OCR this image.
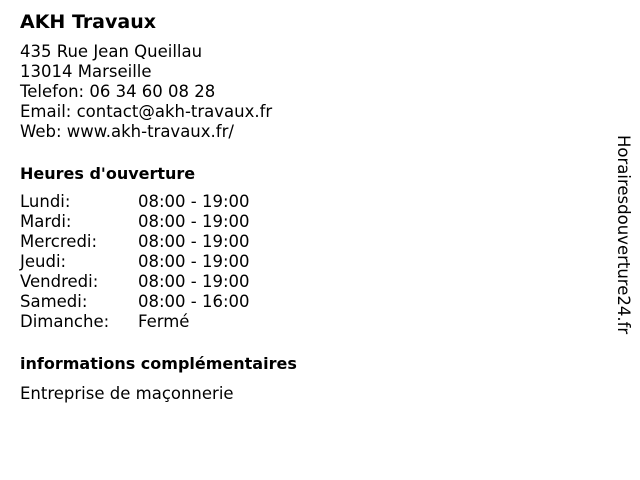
AKH Travaux
435 Rue Jean Queillau
13014 Marseille
Telefon: 06 34 60 08 28
Email: contact@akh-travaux.fr
Web: www.akh-travaux.fr/
Heures d'ouverture
Lundi:	08:00 - 19:00
Mardi:	08:00 - 19:00
Mercredi:	08:00 - 19:00
Jeudi:	08:00 - 19:00
Vendredi:	08:00 - 19:00
Samedi:	08:00 - 16:00
Dimanche:	Fermé
informations complémentaires
Entreprise de maçonnerie
Horairesdouverture24.fr
